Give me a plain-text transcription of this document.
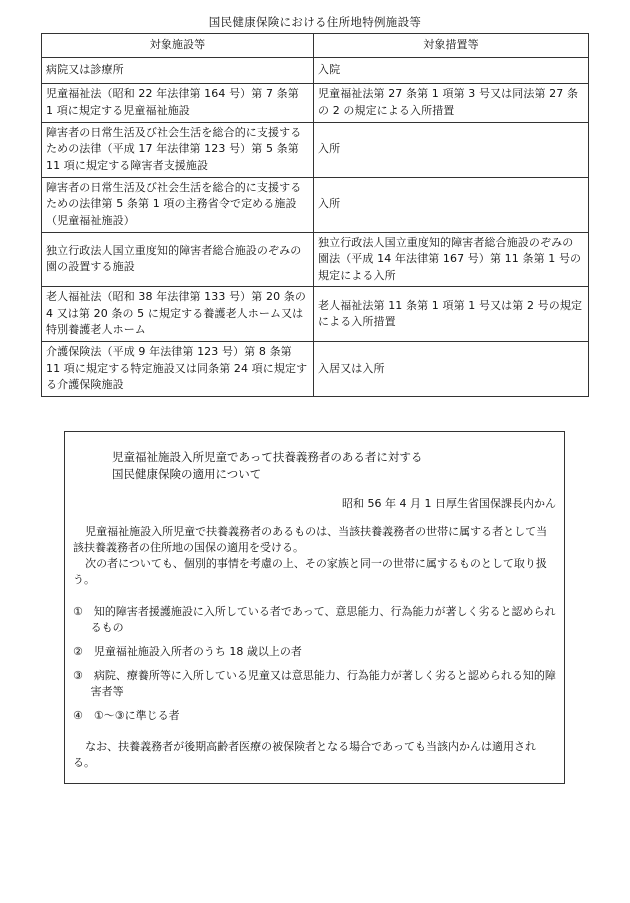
国民健康保険における住所地特例施設等
対象施設等	対象措置等
病院又は診療所	入院
児童福祉法（昭和 22 年法律第 164 号）第 7 条第 1 項に規定する児童福祉施設	児童福祉法第 27 条第 1 項第 3 号又は同法第 27 条の 2 の規定による入所措置
障害者の日常生活及び社会生活を総合的に支援するための法律（平成 17 年法律第 123 号）第 5 条第 11 項に規定する障害者支援施設	入所
障害者の日常生活及び社会生活を総合的に支援するための法律第 5 条第 1 項の主務省令で定める施設（児童福祉施設）	入所
独立行政法人国立重度知的障害者総合施設のぞみの園の設置する施設	独立行政法人国立重度知的障害者総合施設のぞみの園法（平成 14 年法律第 167 号）第 11 条第 1 号の規定による入所
老人福祉法（昭和 38 年法律第 133 号）第 20 条の 4 又は第 20 条の 5 に規定する養護老人ホーム又は特別養護老人ホーム	老人福祉法第 11 条第 1 項第 1 号又は第 2 号の規定による入所措置
介護保険法（平成 9 年法律第 123 号）第 8 条第 11 項に規定する特定施設又は同条第 24 項に規定する介護保険施設	入居又は入所
児童福祉施設入所児童であって扶養義務者のある者に対する
国民健康保険の適用について
昭和 56 年 4 月 1 日厚生省国保課長内かん
児童福祉施設入所児童で扶養義務者のあるものは、当該扶養義務者の世帯に属する者として当該扶養義務者の住所地の国保の適用を受ける。
次の者についても、個別的事情を考慮の上、その家族と同一の世帯に属するものとして取り扱う。
①　知的障害者援護施設に入所している者であって、意思能力、行為能力が著しく劣ると認められるもの
②　児童福祉施設入所者のうち 18 歳以上の者
③　病院、療養所等に入所している児童又は意思能力、行為能力が著しく劣ると認められる知的障害者等
④　①～③に準じる者
なお、扶養義務者が後期高齢者医療の被保険者となる場合であっても当該内かんは適用される。
